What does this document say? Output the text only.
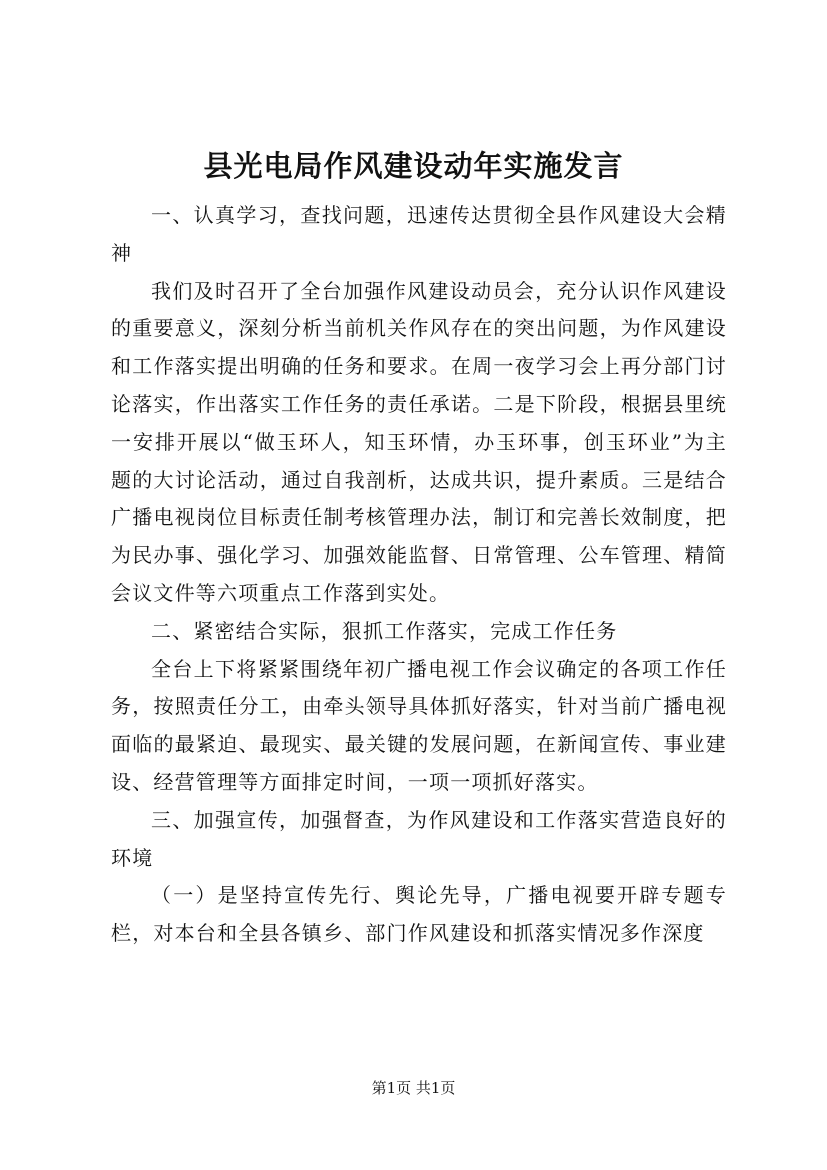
县光电局作风建设动年实施发言

一、认真学习，查找问题，迅速传达贯彻全县作风建设大会精神

我们及时召开了全台加强作风建设动员会，充分认识作风建设的重要意义，深刻分析当前机关作风存在的突出问题，为作风建设和工作落实提出明确的任务和要求。在周一夜学习会上再分部门讨论落实，作出落实工作任务的责任承诺。二是下阶段，根据县里统一安排开展以“做玉环人，知玉环情，办玉环事，创玉环业”为主题的大讨论活动，通过自我剖析，达成共识，提升素质。三是结合广播电视岗位目标责任制考核管理办法，制订和完善长效制度，把为民办事、强化学习、加强效能监督、日常管理、公车管理、精简会议文件等六项重点工作落到实处。

二、紧密结合实际，狠抓工作落实，完成工作任务

全台上下将紧紧围绕年初广播电视工作会议确定的各项工作任务，按照责任分工，由牵头领导具体抓好落实，针对当前广播电视面临的最紧迫、最现实、最关键的发展问题，在新闻宣传、事业建设、经营管理等方面排定时间，一项一项抓好落实。

三、加强宣传，加强督查，为作风建设和工作落实营造良好的环境

（一）是坚持宣传先行、舆论先导，广播电视要开辟专题专栏，对本台和全县各镇乡、部门作风建设和抓落实情况多作深度

第1页 共1页
